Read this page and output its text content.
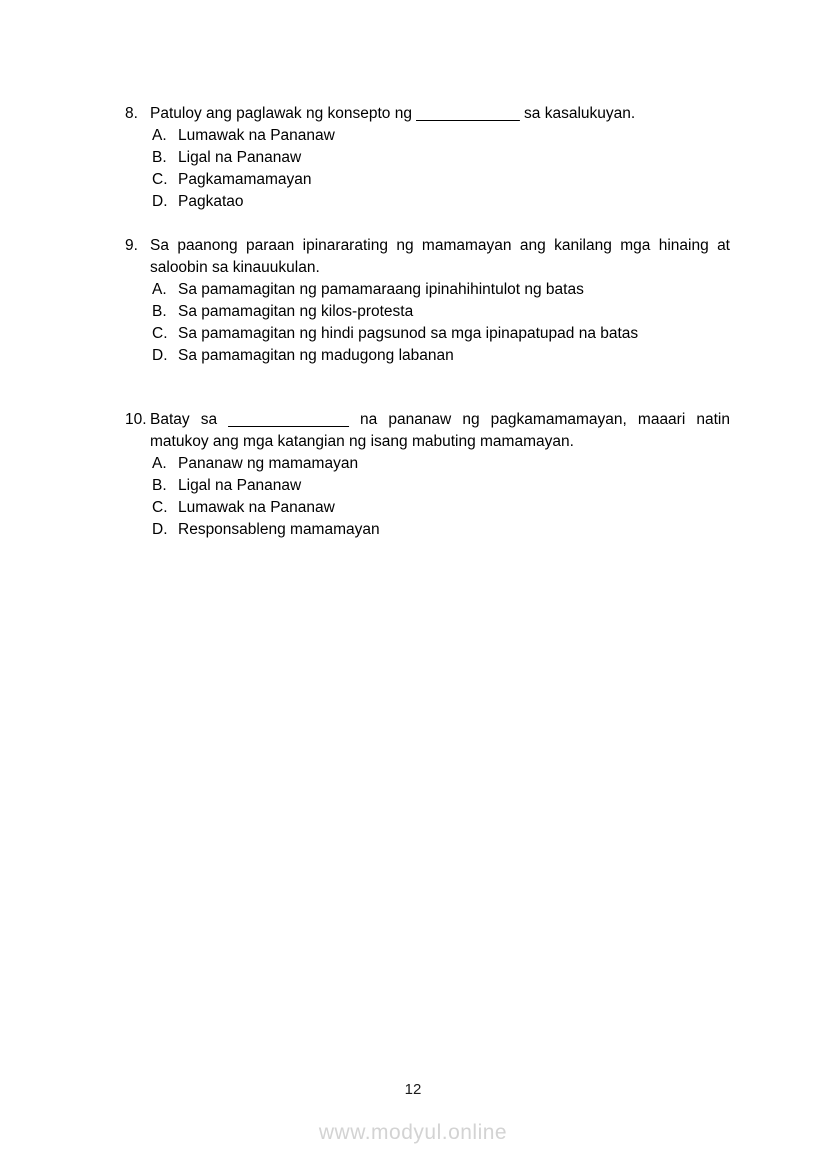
8. Patuloy ang paglawak ng konsepto ng ____________ sa kasalukuyan.

A. Lumawak na Pananaw
B. Ligal na Pananaw
C. Pagkamamamayan
D. Pagkatao
9. Sa paanong paraan ipinararating ng mamamayan ang kanilang mga hinaing at saloobin sa kinauukulan.

A. Sa pamamagitan ng pamamaraang ipinahihintulot ng batas
B. Sa pamamagitan ng kilos-protesta
C. Sa pamamagitan ng hindi pagsunod sa mga ipinapatupad na batas
D. Sa pamamagitan ng madugong labanan
10. Batay sa ______________ na pananaw ng pagkamamamayan, maaari natin matukoy ang mga katangian ng isang mabuting mamamayan.

A. Pananaw ng mamamayan
B. Ligal na Pananaw
C. Lumawak na Pananaw
D. Responsableng mamamayan
12
www.modyul.online
